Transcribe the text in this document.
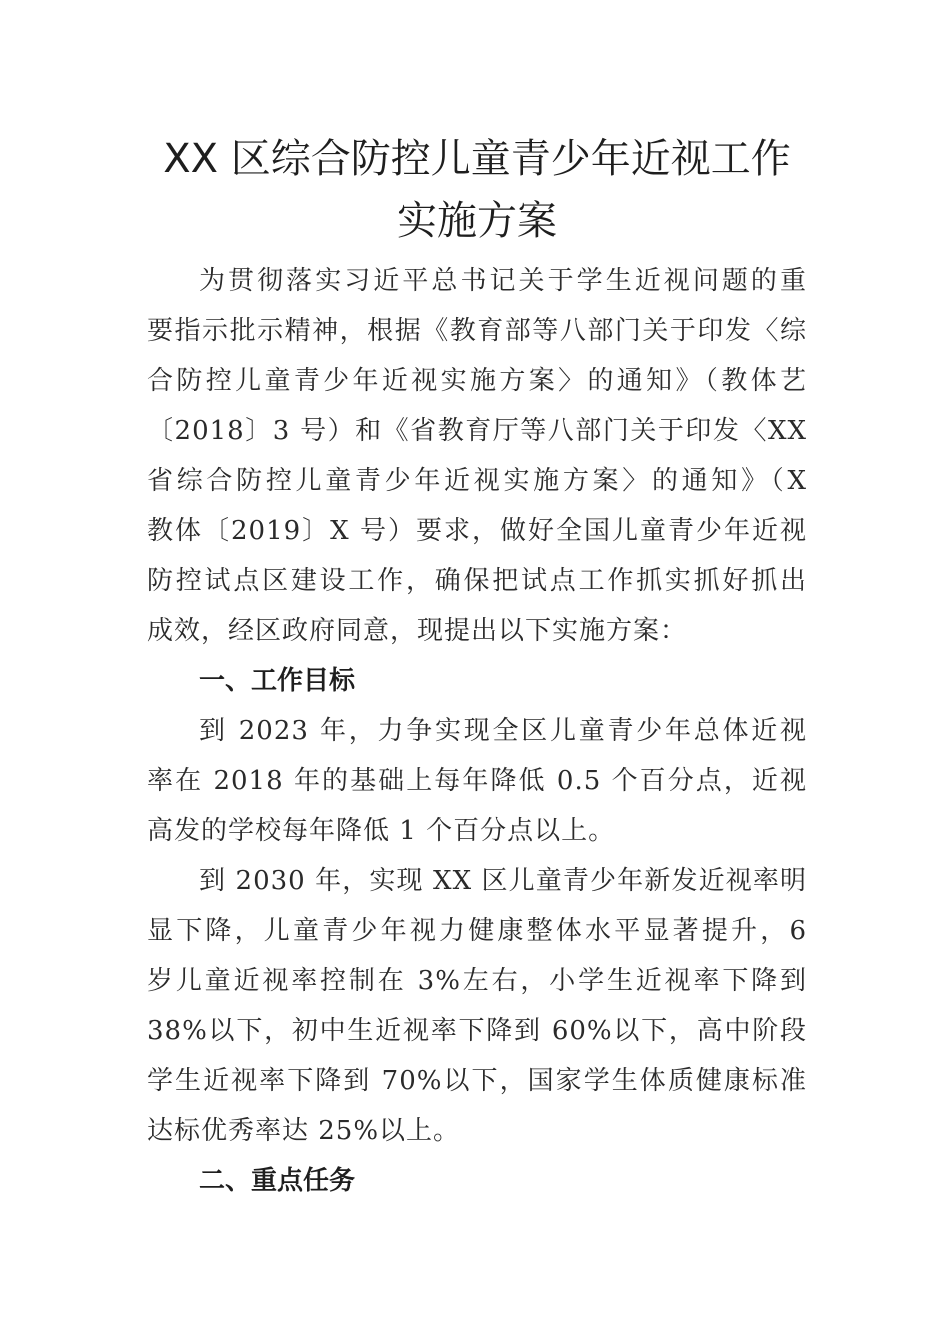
XX 区综合防控儿童青少年近视工作
实施方案
为贯彻落实习近平总书记关于学生近视问题的重
要指示批示精神，根据《教育部等八部门关于印发〈综
合防控儿童青少年近视实施方案〉的通知》（教体艺
〔2018〕3 号）和《省教育厅等八部门关于印发〈XX
省综合防控儿童青少年近视实施方案〉的通知》（X
教体〔2019〕X 号）要求，做好全国儿童青少年近视
防控试点区建设工作，确保把试点工作抓实抓好抓出
成效，经区政府同意，现提出以下实施方案：
一、工作目标
到 2023 年，力争实现全区儿童青少年总体近视
率在 2018 年的基础上每年降低 0.5 个百分点，近视
高发的学校每年降低 1 个百分点以上。
到 2030 年，实现 XX 区儿童青少年新发近视率明
显下降，儿童青少年视力健康整体水平显著提升，6
岁儿童近视率控制在 3%左右，小学生近视率下降到
38%以下，初中生近视率下降到 60%以下，高中阶段
学生近视率下降到 70%以下，国家学生体质健康标准
达标优秀率达 25%以上。
二、重点任务
